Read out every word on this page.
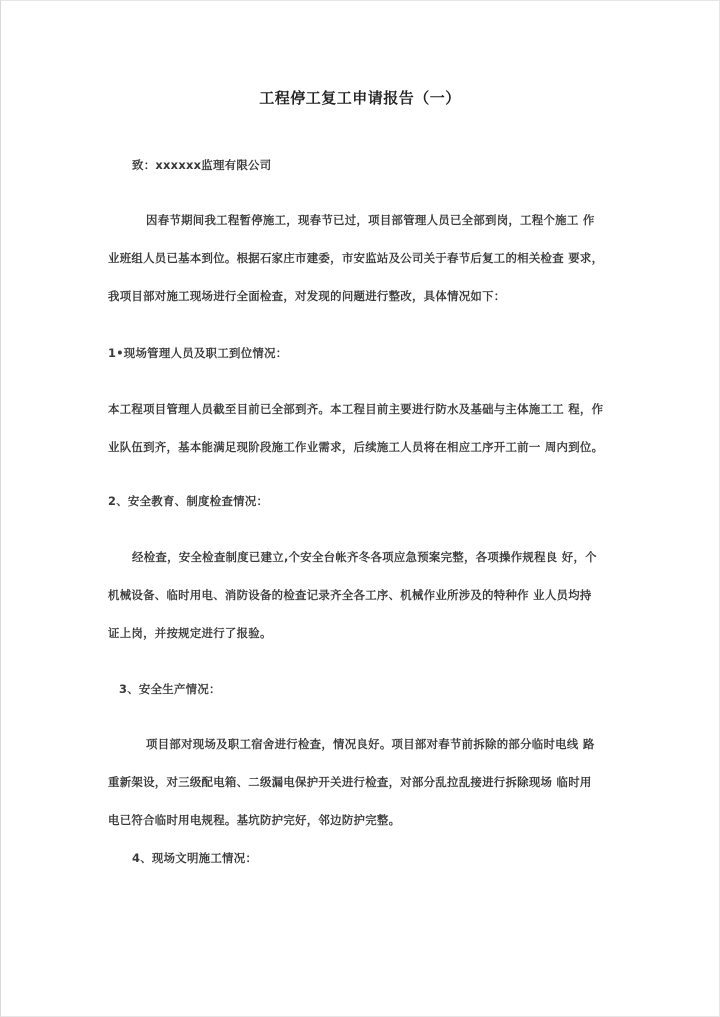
工程停工复工申请报告（一）
致：xxxxxx监理有限公司
因春节期间我工程暂停施工，现春节已过，项目部管理人员已全部到岗，工程个施工 作
业班组人员已基本到位。根据石家庄市建委，市安监站及公司关于春节后复工的相关检查 要求，
我项目部对施工现场进行全面检查，对发现的问题进行整改，具体情况如下：
1•现场管理人员及职工到位情况：
本工程项目管理人员截至目前已全部到齐。本工程目前主要进行防水及基础与主体施工工 程，作
业队伍到齐，基本能满足现阶段施工作业需求，后续施工人员将在相应工序开工前一 周内到位。
2、安全教育、制度检查情况：
经检查，安全检查制度已建立,个安全台帐齐冬各项应急预案完整，各项操作规程良 好，个
机械设备、临时用电、消防设备的检查记录齐全各工序、机械作业所涉及的特种作 业人员均持
证上岗，并按规定进行了报验。
3、安全生产情况：
项目部对现场及职工宿舍进行检查，情况良好。项目部对春节前拆除的部分临时电线 路
重新架设，对三级配电箱、二级漏电保护开关进行检查，对部分乱拉乱接进行拆除现场 临时用
电已符合临时用电规程。基坑防护完好，邻边防护完整。
4、现场文明施工情况：
